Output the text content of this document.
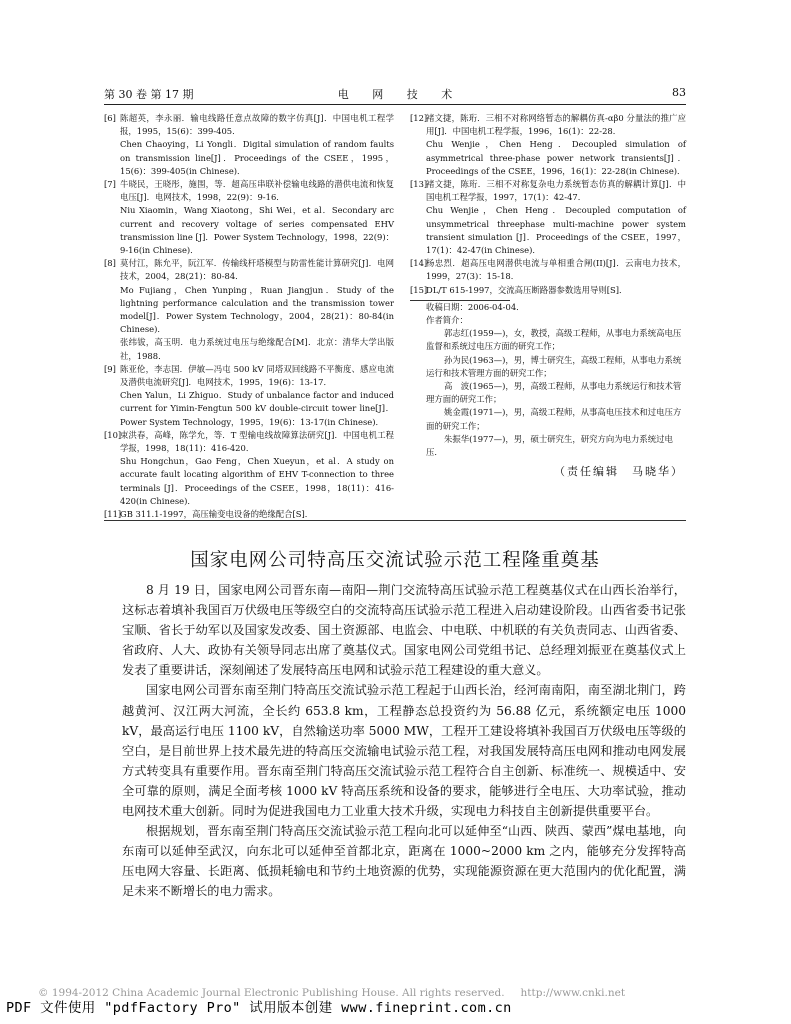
第 30 卷 第 17 期	电 网 技 术	83
[6] 陈超英，李永丽．输电线路任意点故障的数字仿真[J]．中国电机工程学报，1995，15(6)：399-405．
Chen Chaoying，Li Yongli．Digital simulation of random faults on transmission line[J]．Proceedings of the CSEE，1995，15(6)：399-405(in Chinese)．
[7] 牛晓民，王晓彤，施围，等．超高压串联补偿输电线路的潜供电流和恢复电压[J]．电网技术，1998，22(9)：9-16．
Niu Xiaomin，Wang Xiaotong，Shi Wei，et al．Secondary arc current and recovery voltage of series compensated EHV transmission line [J]．Power System Technology，1998，22(9)：9-16(in Chinese)．
[8] 莫付江，陈允平，阮江军．传输线杆塔模型与防雷性能计算研究[J]．电网技术，2004，28(21)：80-84．
Mo Fujiang，Chen Yunping，Ruan Jiangjun．Study of the lightning performance calculation and the transmission tower model[J]．Power System Technology，2004，28(21)：80-84(in Chinese)．
张纬钹，高玉明．电力系统过电压与绝缘配合[M]．北京：清华大学出版社，1988．
[9] 陈亚伦，李志国．伊敏—冯屯 500 kV 同塔双回线路不平衡度、感应电流及潜供电流研究[J]．电网技术，1995，19(6)：13-17．
Chen Yalun，Li Zhiguo．Study of unbalance factor and induced current for Yimin-Fengtun 500 kV double-circuit tower line[J]．Power System Technology，1995，19(6)：13-17(in Chinese)．
[10]
束洪春，高峰，陈学允，等．T 型输电线故障算法研究[J]．中国电机工程学报，1998，18(11)：416-420．
Shu Hongchun，Gao Feng，Chen Xueyun，et al．A study on accurate fault locating algorithm of EHV T-connection to three terminals [J]．Proceedings of the CSEE，1998，18(11)：416-420(in Chinese)．
[11]
GB 311.1-1997，高压输变电设备的绝缘配合[S]．
[12]
褚文捷，陈珩．三相不对称网络暂态的解耦仿真-αβ0 分量法的推广应用[J]．中国电机工程学报，1996，16(1)：22-28．
Chu Wenjie，Chen Heng．Decoupled simulation of asymmetrical three-phase power network transients[J]．Proceedings of the CSEE，1996，16(1)：22-28(in Chinese)．
[13]
褚文捷，陈珩．三相不对称复杂电力系统暂态仿真的解耦计算[J]．中国电机工程学报，1997，17(1)：42-47．
Chu Wenjie，Chen Heng．Decoupled computation of unsymmetrical threephase multi-machine power system transient simulation [J]．Proceedings of the CSEE，1997，17(1)：42-47(in Chinese)．
[14]
杨忠烈．超高压电网潜供电流与单相重合闸(II)[J]．云南电力技术，1999，27(3)：15-18．
[15]
DL/T 615-1997，交流高压断路器参数选用导则[S]．

收稿日期：2006-04-04．

作者简介：

郭志红(1959—)，女，教授，高级工程师，从事电力系统高电压监督和系统过电压方面的研究工作；

孙为民(1963—)，男，博士研究生，高级工程师，从事电力系统运行和技术管理方面的研究工作；

高　波(1965—)，男，高级工程师，从事电力系统运行和技术管理方面的研究工作；

姚金霞(1971—)，男，高级工程师，从事高电压技术和过电压方面的研究工作；

朱振华(1977—)，男，硕士研究生，研究方向为电力系统过电压．

（责任编辑　马晓华）
国家电网公司特高压交流试验示范工程隆重奠基

8 月 19 日，国家电网公司晋东南—南阳—荆门交流特高压试验示范工程奠基仪式在山西长治举行，这标志着填补我国百万伏级电压等级空白的交流特高压试验示范工程进入启动建设阶段。山西省委书记张宝顺、省长于幼军以及国家发改委、国土资源部、电监会、中电联、中机联的有关负责同志、山西省委、省政府、人大、政协有关领导同志出席了奠基仪式。国家电网公司党组书记、总经理刘振亚在奠基仪式上发表了重要讲话，深刻阐述了发展特高压电网和试验示范工程建设的重大意义。

国家电网公司晋东南至荆门特高压交流试验示范工程起于山西长治，经河南南阳，南至湖北荆门，跨越黄河、汉江两大河流，全长约 653.8 km，工程静态总投资约为 56.88 亿元，系统额定电压 1000 kV，最高运行电压 1100 kV，自然输送功率 5000 MW，工程开工建设将填补我国百万伏级电压等级的空白，是目前世界上技术最先进的特高压交流输电试验示范工程，对我国发展特高压电网和推动电网发展方式转变具有重要作用。晋东南至荆门特高压交流试验示范工程符合自主创新、标准统一、规模适中、安全可靠的原则，满足全面考核 1000 kV 特高压系统和设备的要求，能够进行全电压、大功率试验，推动电网技术重大创新。同时为促进我国电力工业重大技术升级，实现电力科技自主创新提供重要平台。

根据规划，晋东南至荆门特高压交流试验示范工程向北可以延伸至“山西、陕西、蒙西”煤电基地，向东南可以延伸至武汉，向东北可以延伸至首都北京，距离在 1000~2000 km 之内，能够充分发挥特高压电网大容量、长距离、低损耗输电和节约土地资源的优势，实现能源资源在更大范围内的优化配置，满足未来不断增长的电力需求。

© 1994-2012 China Academic Journal Electronic Publishing House. All rights reserved. http://www.cnki.net
PDF 文件使用 "pdfFactory Pro" 试用版本创建 www.fineprint.com.cn
